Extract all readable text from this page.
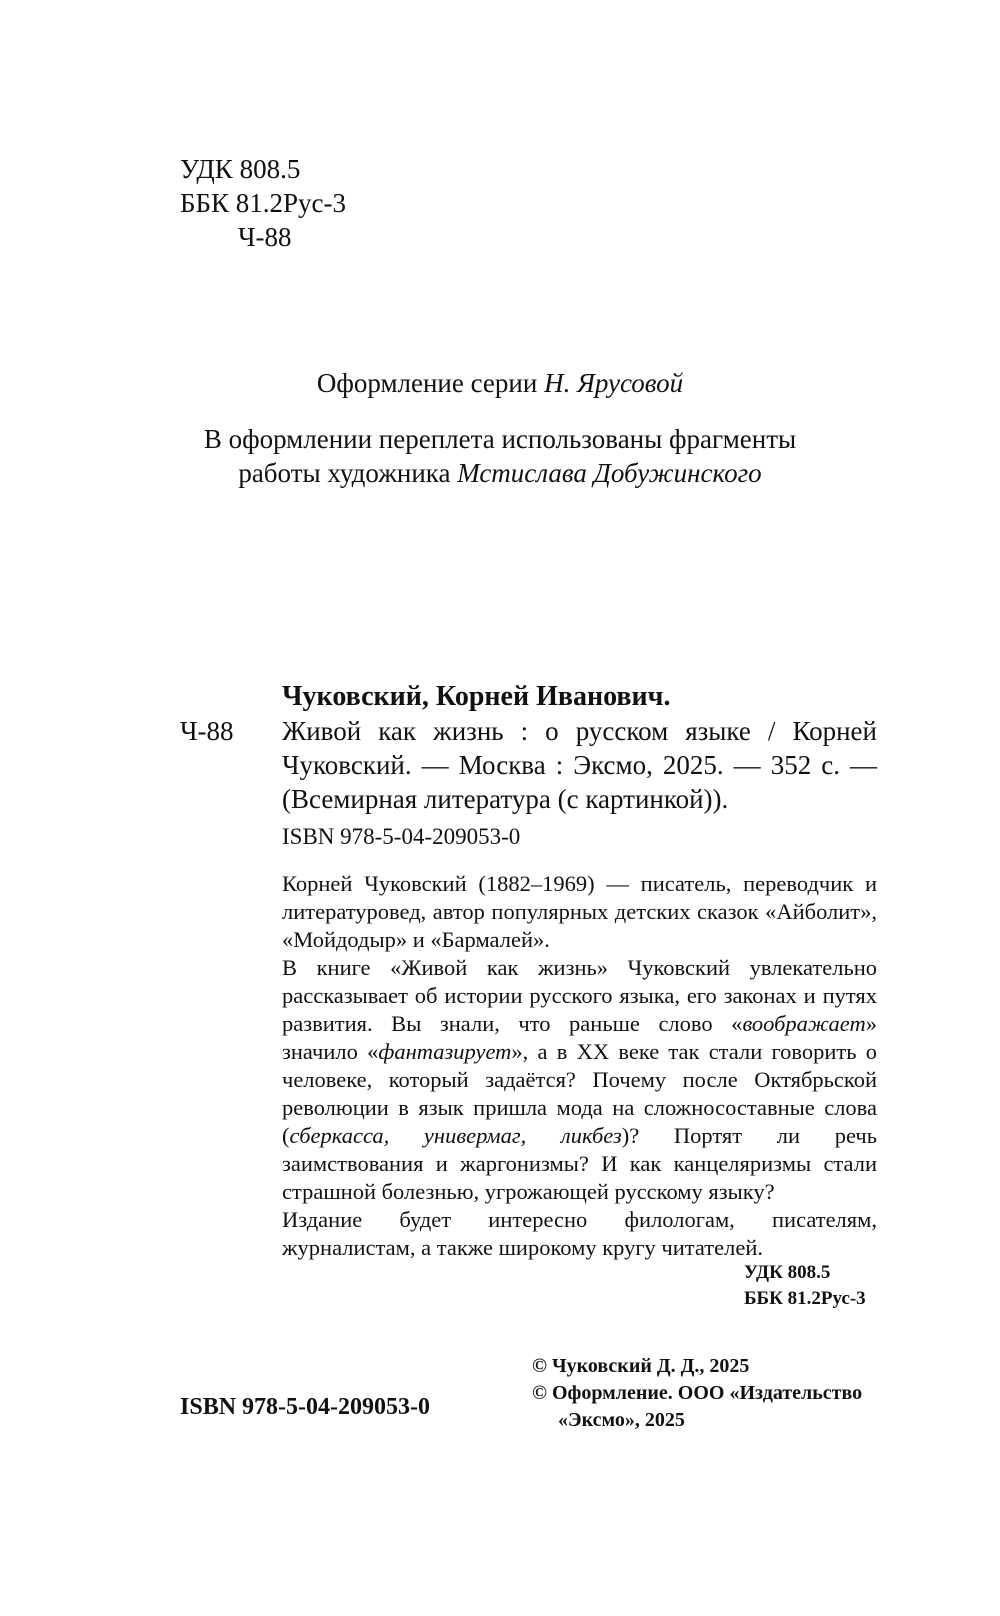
УДК 808.5
ББК 81.2Рус-3
Ч-88
Оформление серии Н. Ярусовой
В оформлении переплета использованы фрагменты
работы художника Мстислава Добужинского
Чуковский, Корней Иванович.
Ч-88 Живой как жизнь : о русском языке / Корней Чуковский. — Москва : Эксмо, 2025. — 352 с. — (Всемирная литература (с картинкой)).
ISBN 978-5-04-209053-0

Корней Чуковский (1882–1969) — писатель, переводчик и литературовед, автор популярных детских сказок «Айболит», «Мойдодыр» и «Бармалей».

В книге «Живой как жизнь» Чуковский увлекательно рассказывает об истории русского языка, его законах и путях развития. Вы знали, что раньше слово «воображает» значило «фантазирует», а в XX веке так стали говорить о человеке, который задаётся? Почему после Октябрьской революции в язык пришла мода на сложносоставные слова (сберкасса, универмаг, ликбез)? Портят ли речь заимствования и жаргонизмы? И как канцеляризмы стали страшной болезнью, угрожающей русскому языку?

Издание будет интересно филологам, писателям, журналистам, а также широкому кругу читателей.

УДК 808.5
ББК 81.2Рус-3
© Чуковский Д. Д., 2025
© Оформление. ООО «Издательство
«Эксмо», 2025
ISBN 978-5-04-209053-0
